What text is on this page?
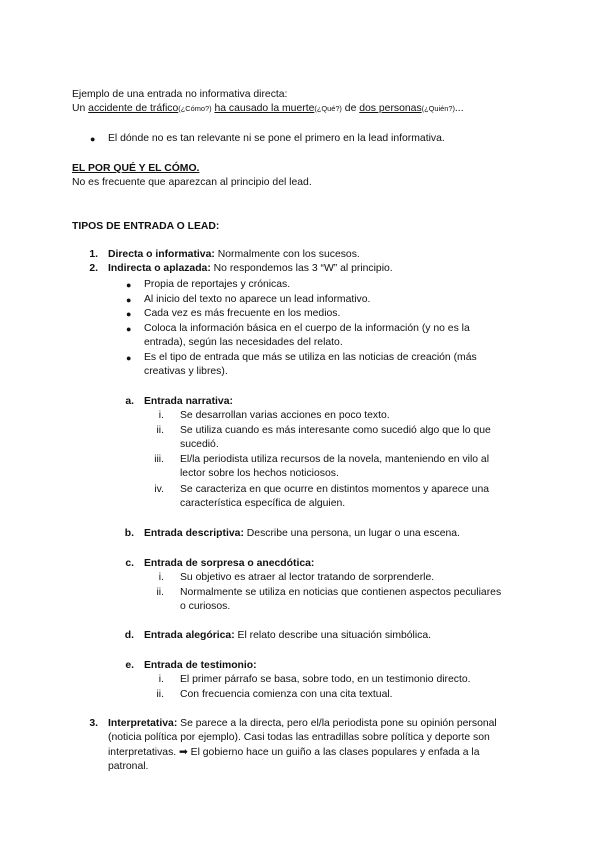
Ejemplo de una entrada no informativa directa:
Un accidente de tráfico(¿Cómo?) ha causado la muerte(¿Qué?) de dos personas(¿Quién?)...
● El dónde no es tan relevante ni se pone el primero en la lead informativa.
EL POR QUÉ Y EL CÓMO.
No es frecuente que aparezcan al principio del lead.
TIPOS DE ENTRADA O LEAD:
1. Directa o informativa: Normalmente con los sucesos.
2. Indirecta o aplazada: No respondemos las 3 “W” al principio.
● Propia de reportajes y crónicas.
● Al inicio del texto no aparece un lead informativo.
● Cada vez es más frecuente en los medios.
● Coloca la información básica en el cuerpo de la información (y no es la
entrada), según las necesidades del relato.
● Es el tipo de entrada que más se utiliza en las noticias de creación (más
creativas y libres).
a. Entrada narrativa:
i. Se desarrollan varias acciones en poco texto.
ii. Se utiliza cuando es más interesante como sucedió algo que lo que
sucedió.
iii. El/la periodista utiliza recursos de la novela, manteniendo en vilo al
lector sobre los hechos noticiosos.
iv. Se caracteriza en que ocurre en distintos momentos y aparece una
característica específica de alguien.
b. Entrada descriptiva: Describe una persona, un lugar o una escena.
c. Entrada de sorpresa o anecdótica:
i. Su objetivo es atraer al lector tratando de sorprenderle.
ii. Normalmente se utiliza en noticias que contienen aspectos peculiares
o curiosos.
d. Entrada alegórica: El relato describe una situación simbólica.
e. Entrada de testimonio:
i. El primer párrafo se basa, sobre todo, en un testimonio directo.
ii. Con frecuencia comienza con una cita textual.
3. Interpretativa: Se parece a la directa, pero el/la periodista pone su opinión personal
(noticia política por ejemplo). Casi todas las entradillas sobre política y deporte son
interpretativas. ➡ El gobierno hace un guiño a las clases populares y enfada a la
patronal.
